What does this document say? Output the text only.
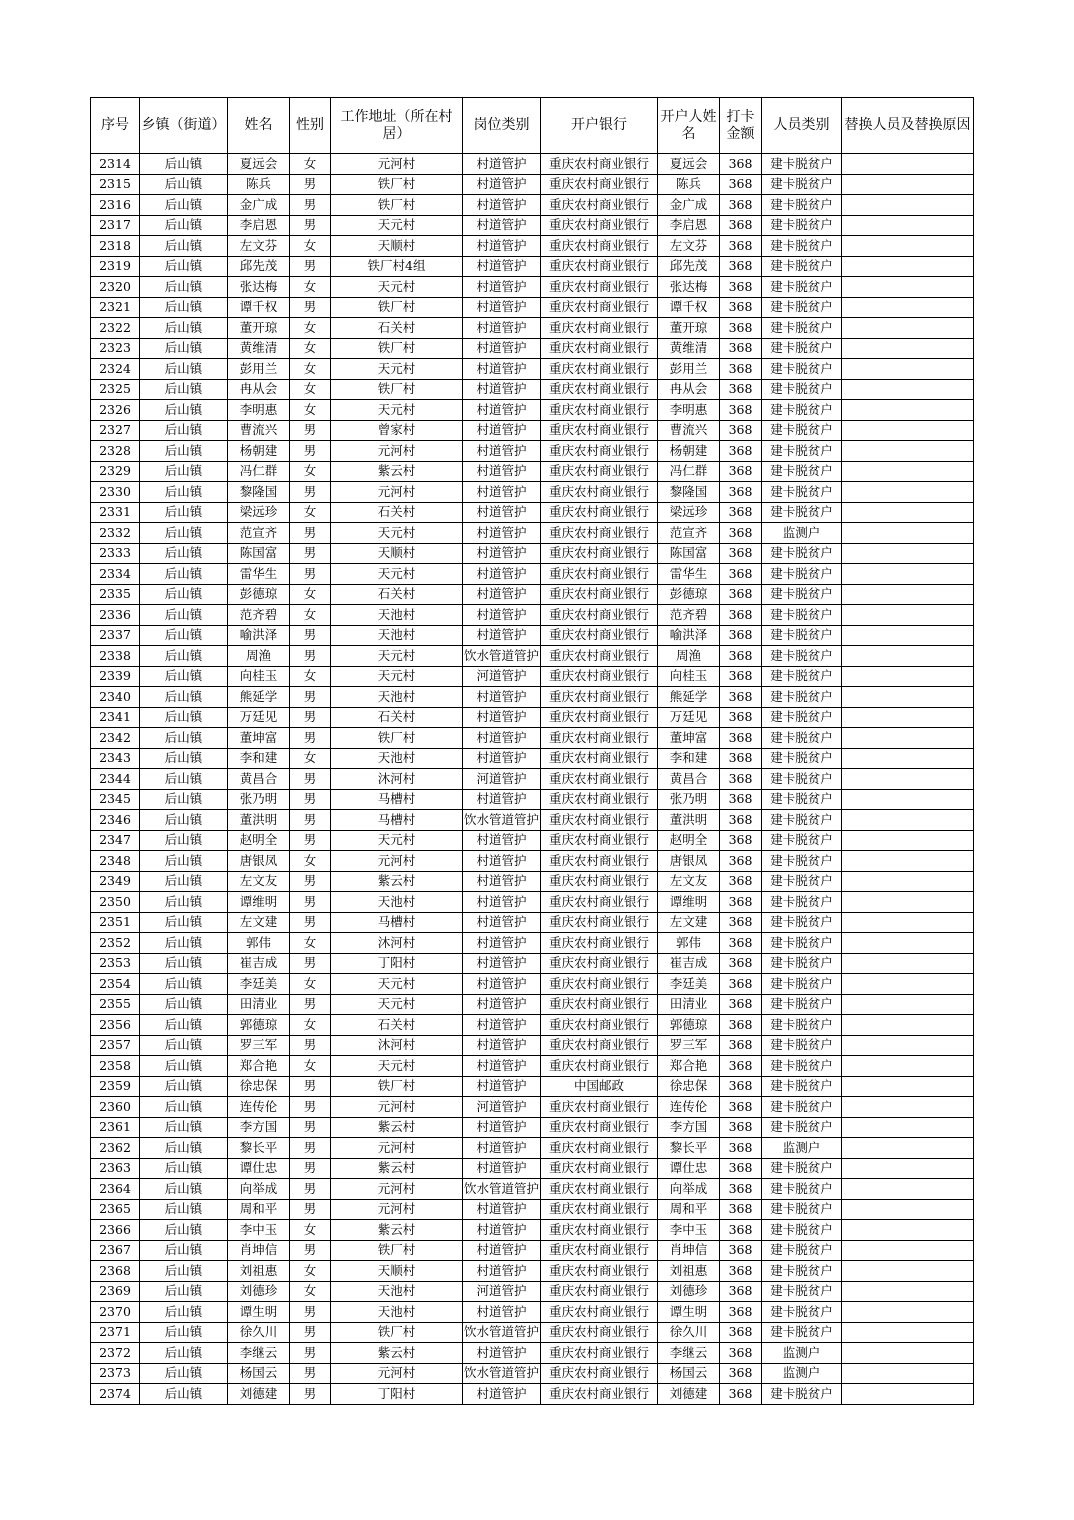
序号	乡镇（街道）	姓名	性别	工作地址（所在村居）	岗位类别	开户银行	开户人姓名	打卡金额	人员类别	替换人员及替换原因
2314	后山镇	夏远会	女	元河村	村道管护	重庆农村商业银行	夏远会	368	建卡脱贫户	
2315	后山镇	陈兵	男	铁厂村	村道管护	重庆农村商业银行	陈兵	368	建卡脱贫户	
2316	后山镇	金广成	男	铁厂村	村道管护	重庆农村商业银行	金广成	368	建卡脱贫户	
2317	后山镇	李启恩	男	天元村	村道管护	重庆农村商业银行	李启恩	368	建卡脱贫户	
2318	后山镇	左文芬	女	天顺村	村道管护	重庆农村商业银行	左文芬	368	建卡脱贫户	
2319	后山镇	邱先茂	男	铁厂村4组	村道管护	重庆农村商业银行	邱先茂	368	建卡脱贫户	
2320	后山镇	张达梅	女	天元村	村道管护	重庆农村商业银行	张达梅	368	建卡脱贫户	
2321	后山镇	谭千权	男	铁厂村	村道管护	重庆农村商业银行	谭千权	368	建卡脱贫户	
2322	后山镇	董开琼	女	石关村	村道管护	重庆农村商业银行	董开琼	368	建卡脱贫户	
2323	后山镇	黄维清	女	铁厂村	村道管护	重庆农村商业银行	黄维清	368	建卡脱贫户	
2324	后山镇	彭用兰	女	天元村	村道管护	重庆农村商业银行	彭用兰	368	建卡脱贫户	
2325	后山镇	冉从会	女	铁厂村	村道管护	重庆农村商业银行	冉从会	368	建卡脱贫户	
2326	后山镇	李明惠	女	天元村	村道管护	重庆农村商业银行	李明惠	368	建卡脱贫户	
2327	后山镇	曹流兴	男	曾家村	村道管护	重庆农村商业银行	曹流兴	368	建卡脱贫户	
2328	后山镇	杨朝建	男	元河村	村道管护	重庆农村商业银行	杨朝建	368	建卡脱贫户	
2329	后山镇	冯仁群	女	紫云村	村道管护	重庆农村商业银行	冯仁群	368	建卡脱贫户	
2330	后山镇	黎隆国	男	元河村	村道管护	重庆农村商业银行	黎隆国	368	建卡脱贫户	
2331	后山镇	梁远珍	女	石关村	村道管护	重庆农村商业银行	梁远珍	368	建卡脱贫户	
2332	后山镇	范宣齐	男	天元村	村道管护	重庆农村商业银行	范宣齐	368	监测户	
2333	后山镇	陈国富	男	天顺村	村道管护	重庆农村商业银行	陈国富	368	建卡脱贫户	
2334	后山镇	雷华生	男	天元村	村道管护	重庆农村商业银行	雷华生	368	建卡脱贫户	
2335	后山镇	彭德琼	女	石关村	村道管护	重庆农村商业银行	彭德琼	368	建卡脱贫户	
2336	后山镇	范齐碧	女	天池村	村道管护	重庆农村商业银行	范齐碧	368	建卡脱贫户	
2337	后山镇	喻洪泽	男	天池村	村道管护	重庆农村商业银行	喻洪泽	368	建卡脱贫户	
2338	后山镇	周渔	男	天元村	饮水管道管护	重庆农村商业银行	周渔	368	建卡脱贫户	
2339	后山镇	向桂玉	女	天元村	河道管护	重庆农村商业银行	向桂玉	368	建卡脱贫户	
2340	后山镇	熊延学	男	天池村	村道管护	重庆农村商业银行	熊延学	368	建卡脱贫户	
2341	后山镇	万廷见	男	石关村	村道管护	重庆农村商业银行	万廷见	368	建卡脱贫户	
2342	后山镇	董坤富	男	铁厂村	村道管护	重庆农村商业银行	董坤富	368	建卡脱贫户	
2343	后山镇	李和建	女	天池村	村道管护	重庆农村商业银行	李和建	368	建卡脱贫户	
2344	后山镇	黄昌合	男	沐河村	河道管护	重庆农村商业银行	黄昌合	368	建卡脱贫户	
2345	后山镇	张乃明	男	马槽村	村道管护	重庆农村商业银行	张乃明	368	建卡脱贫户	
2346	后山镇	董洪明	男	马槽村	饮水管道管护	重庆农村商业银行	董洪明	368	建卡脱贫户	
2347	后山镇	赵明全	男	天元村	村道管护	重庆农村商业银行	赵明全	368	建卡脱贫户	
2348	后山镇	唐银凤	女	元河村	村道管护	重庆农村商业银行	唐银凤	368	建卡脱贫户	
2349	后山镇	左文友	男	紫云村	村道管护	重庆农村商业银行	左文友	368	建卡脱贫户	
2350	后山镇	谭维明	男	天池村	村道管护	重庆农村商业银行	谭维明	368	建卡脱贫户	
2351	后山镇	左文建	男	马槽村	村道管护	重庆农村商业银行	左文建	368	建卡脱贫户	
2352	后山镇	郭伟	女	沐河村	村道管护	重庆农村商业银行	郭伟	368	建卡脱贫户	
2353	后山镇	崔吉成	男	丁阳村	村道管护	重庆农村商业银行	崔吉成	368	建卡脱贫户	
2354	后山镇	李廷美	女	天元村	村道管护	重庆农村商业银行	李廷美	368	建卡脱贫户	
2355	后山镇	田清业	男	天元村	村道管护	重庆农村商业银行	田清业	368	建卡脱贫户	
2356	后山镇	郭德琼	女	石关村	村道管护	重庆农村商业银行	郭德琼	368	建卡脱贫户	
2357	后山镇	罗三军	男	沐河村	村道管护	重庆农村商业银行	罗三军	368	建卡脱贫户	
2358	后山镇	郑合艳	女	天元村	村道管护	重庆农村商业银行	郑合艳	368	建卡脱贫户	
2359	后山镇	徐忠保	男	铁厂村	村道管护	中国邮政	徐忠保	368	建卡脱贫户	
2360	后山镇	连传伦	男	元河村	河道管护	重庆农村商业银行	连传伦	368	建卡脱贫户	
2361	后山镇	李方国	男	紫云村	村道管护	重庆农村商业银行	李方国	368	建卡脱贫户	
2362	后山镇	黎长平	男	元河村	村道管护	重庆农村商业银行	黎长平	368	监测户	
2363	后山镇	谭仕忠	男	紫云村	村道管护	重庆农村商业银行	谭仕忠	368	建卡脱贫户	
2364	后山镇	向举成	男	元河村	饮水管道管护	重庆农村商业银行	向举成	368	建卡脱贫户	
2365	后山镇	周和平	男	元河村	村道管护	重庆农村商业银行	周和平	368	建卡脱贫户	
2366	后山镇	李中玉	女	紫云村	村道管护	重庆农村商业银行	李中玉	368	建卡脱贫户	
2367	后山镇	肖坤信	男	铁厂村	村道管护	重庆农村商业银行	肖坤信	368	建卡脱贫户	
2368	后山镇	刘祖惠	女	天顺村	村道管护	重庆农村商业银行	刘祖惠	368	建卡脱贫户	
2369	后山镇	刘德珍	女	天池村	河道管护	重庆农村商业银行	刘德珍	368	建卡脱贫户	
2370	后山镇	谭生明	男	天池村	村道管护	重庆农村商业银行	谭生明	368	建卡脱贫户	
2371	后山镇	徐久川	男	铁厂村	饮水管道管护	重庆农村商业银行	徐久川	368	建卡脱贫户	
2372	后山镇	李继云	男	紫云村	村道管护	重庆农村商业银行	李继云	368	监测户	
2373	后山镇	杨国云	男	元河村	饮水管道管护	重庆农村商业银行	杨国云	368	监测户	
2374	后山镇	刘德建	男	丁阳村	村道管护	重庆农村商业银行	刘德建	368	建卡脱贫户	
